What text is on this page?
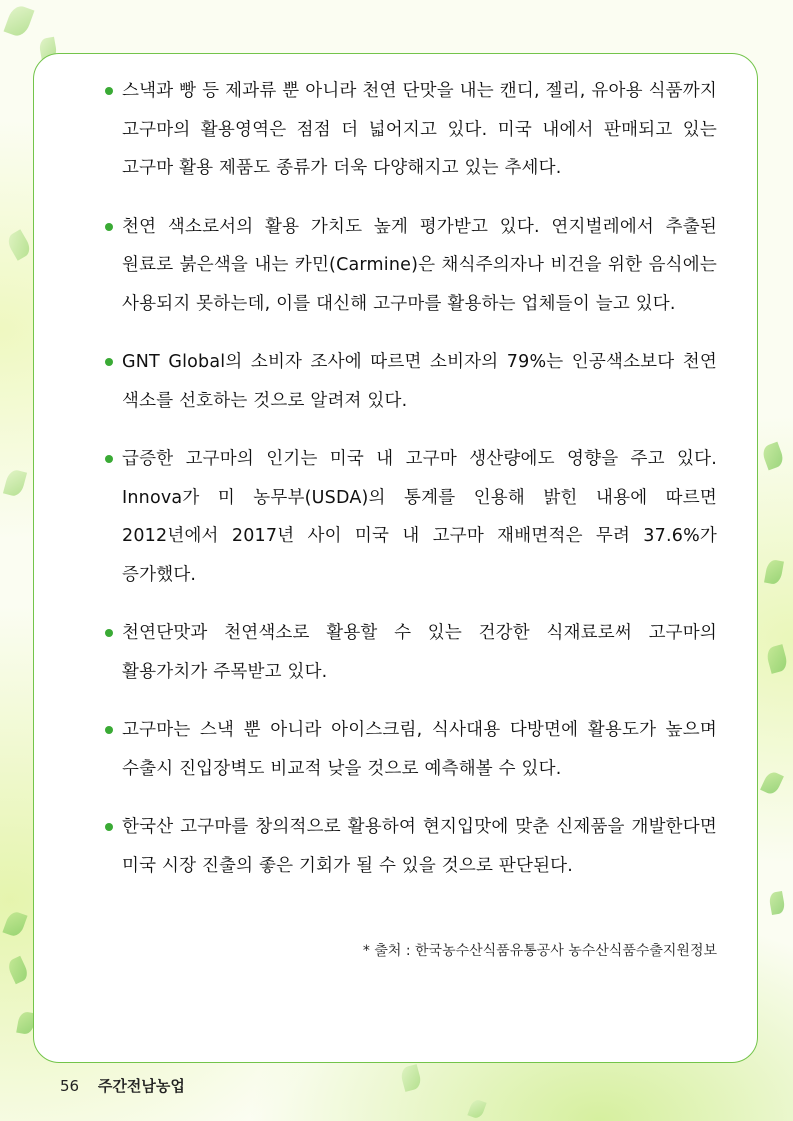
스낵과 빵 등 제과류 뿐 아니라 천연 단맛을 내는 캔디, 젤리, 유아용 식품까지 고구마의 활용영역은 점점 더 넓어지고 있다. 미국 내에서 판매되고 있는 고구마 활용 제품도 종류가 더욱 다양해지고 있는 추세다.
천연 색소로서의 활용 가치도 높게 평가받고 있다. 연지벌레에서 추출된 원료로 붉은색을 내는 카민(Carmine)은 채식주의자나 비건을 위한 음식에는 사용되지 못하는데, 이를 대신해 고구마를 활용하는 업체들이 늘고 있다.
GNT Global의 소비자 조사에 따르면 소비자의 79%는 인공색소보다 천연 색소를 선호하는 것으로 알려져 있다.
급증한 고구마의 인기는 미국 내 고구마 생산량에도 영향을 주고 있다. Innova가 미 농무부(USDA)의 통계를 인용해 밝힌 내용에 따르면 2012년에서 2017년 사이 미국 내 고구마 재배면적은 무려 37.6%가 증가했다.
천연단맛과 천연색소로 활용할 수 있는 건강한 식재료로써 고구마의 활용가치가 주목받고 있다.
고구마는 스낵 뿐 아니라 아이스크림, 식사대용 다방면에 활용도가 높으며 수출시 진입장벽도 비교적 낮을 것으로 예측해볼 수 있다.
한국산 고구마를 창의적으로 활용하여 현지입맛에 맞춘 신제품을 개발한다면 미국 시장 진출의 좋은 기회가 될 수 있을 것으로 판단된다.
* 출처 : 한국농수산식품유통공사 농수산식품수출지원정보
56 주간전남농업
